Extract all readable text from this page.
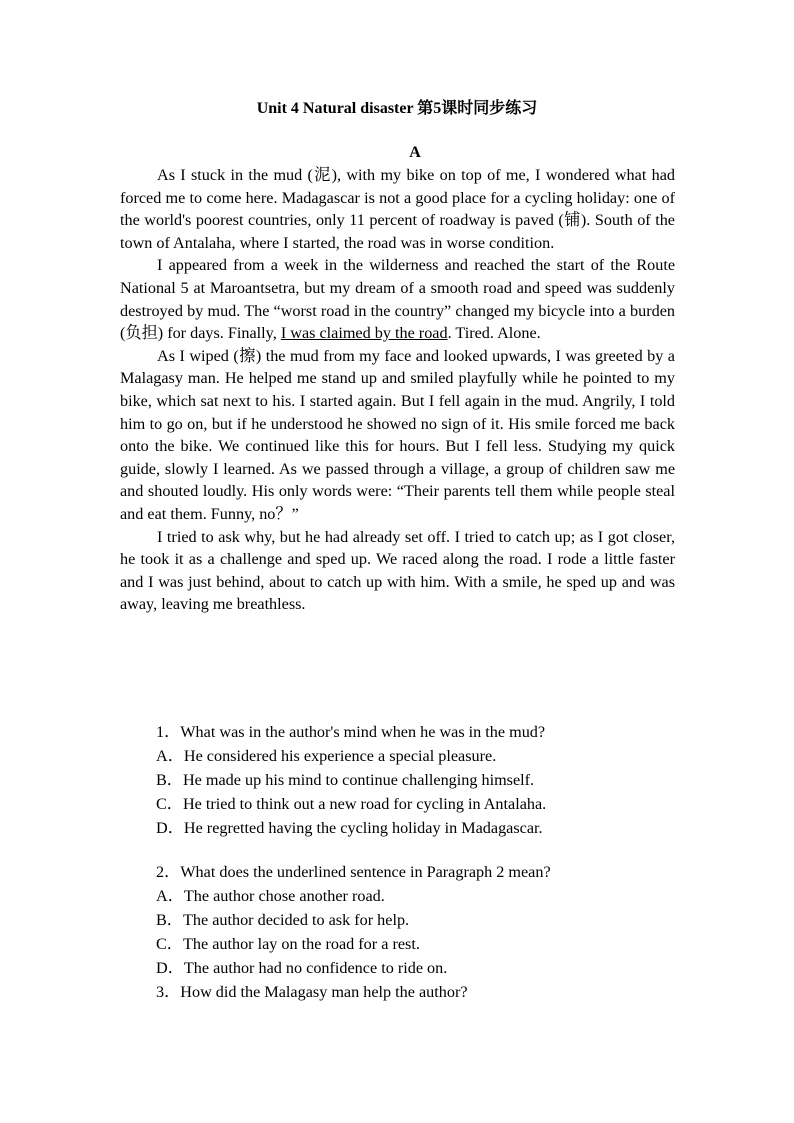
Unit 4 Natural disaster 第5课时同步练习
A

As I stuck in the mud (泥), with my bike on top of me, I wondered what had forced me to come here. Madagascar is not a good place for a cycling holiday: one of the world's poorest countries, only 11 percent of roadway is paved (铺). South of the town of Antalaha, where I started, the road was in worse condition.

I appeared from a week in the wilderness and reached the start of the Route National 5 at Maroantsetra, but my dream of a smooth road and speed was suddenly destroyed by mud. The “worst road in the country” changed my bicycle into a burden (负担) for days. Finally, I was claimed by the road. Tired. Alone.

As I wiped (擦) the mud from my face and looked upwards, I was greeted by a Malagasy man. He helped me stand up and smiled playfully while he pointed to my bike, which sat next to his. I started again. But I fell again in the mud. Angrily, I told him to go on, but if he understood he showed no sign of it. His smile forced me back onto the bike. We continued like this for hours. But I fell less. Studying my quick guide, slowly I learned. As we passed through a village, a group of children saw me and shouted loudly. His only words were: “Their parents tell them while people steal and eat them. Funny, no？”

I tried to ask why, but he had already set off. I tried to catch up; as I got closer, he took it as a challenge and sped up. We raced along the road. I rode a little faster and I was just behind, about to catch up with him. With a smile, he sped up and was away, leaving me breathless.

1．What was in the author's mind when he was in the mud?
A．He considered his experience a special pleasure.
B．He made up his mind to continue challenging himself.
C．He tried to think out a new road for cycling in Antalaha.
D．He regretted having the cycling holiday in Madagascar.
2．What does the underlined sentence in Paragraph 2 mean?
A．The author chose another road.
B．The author decided to ask for help.
C．The author lay on the road for a rest.
D．The author had no confidence to ride on.
3．How did the Malagasy man help the author?
